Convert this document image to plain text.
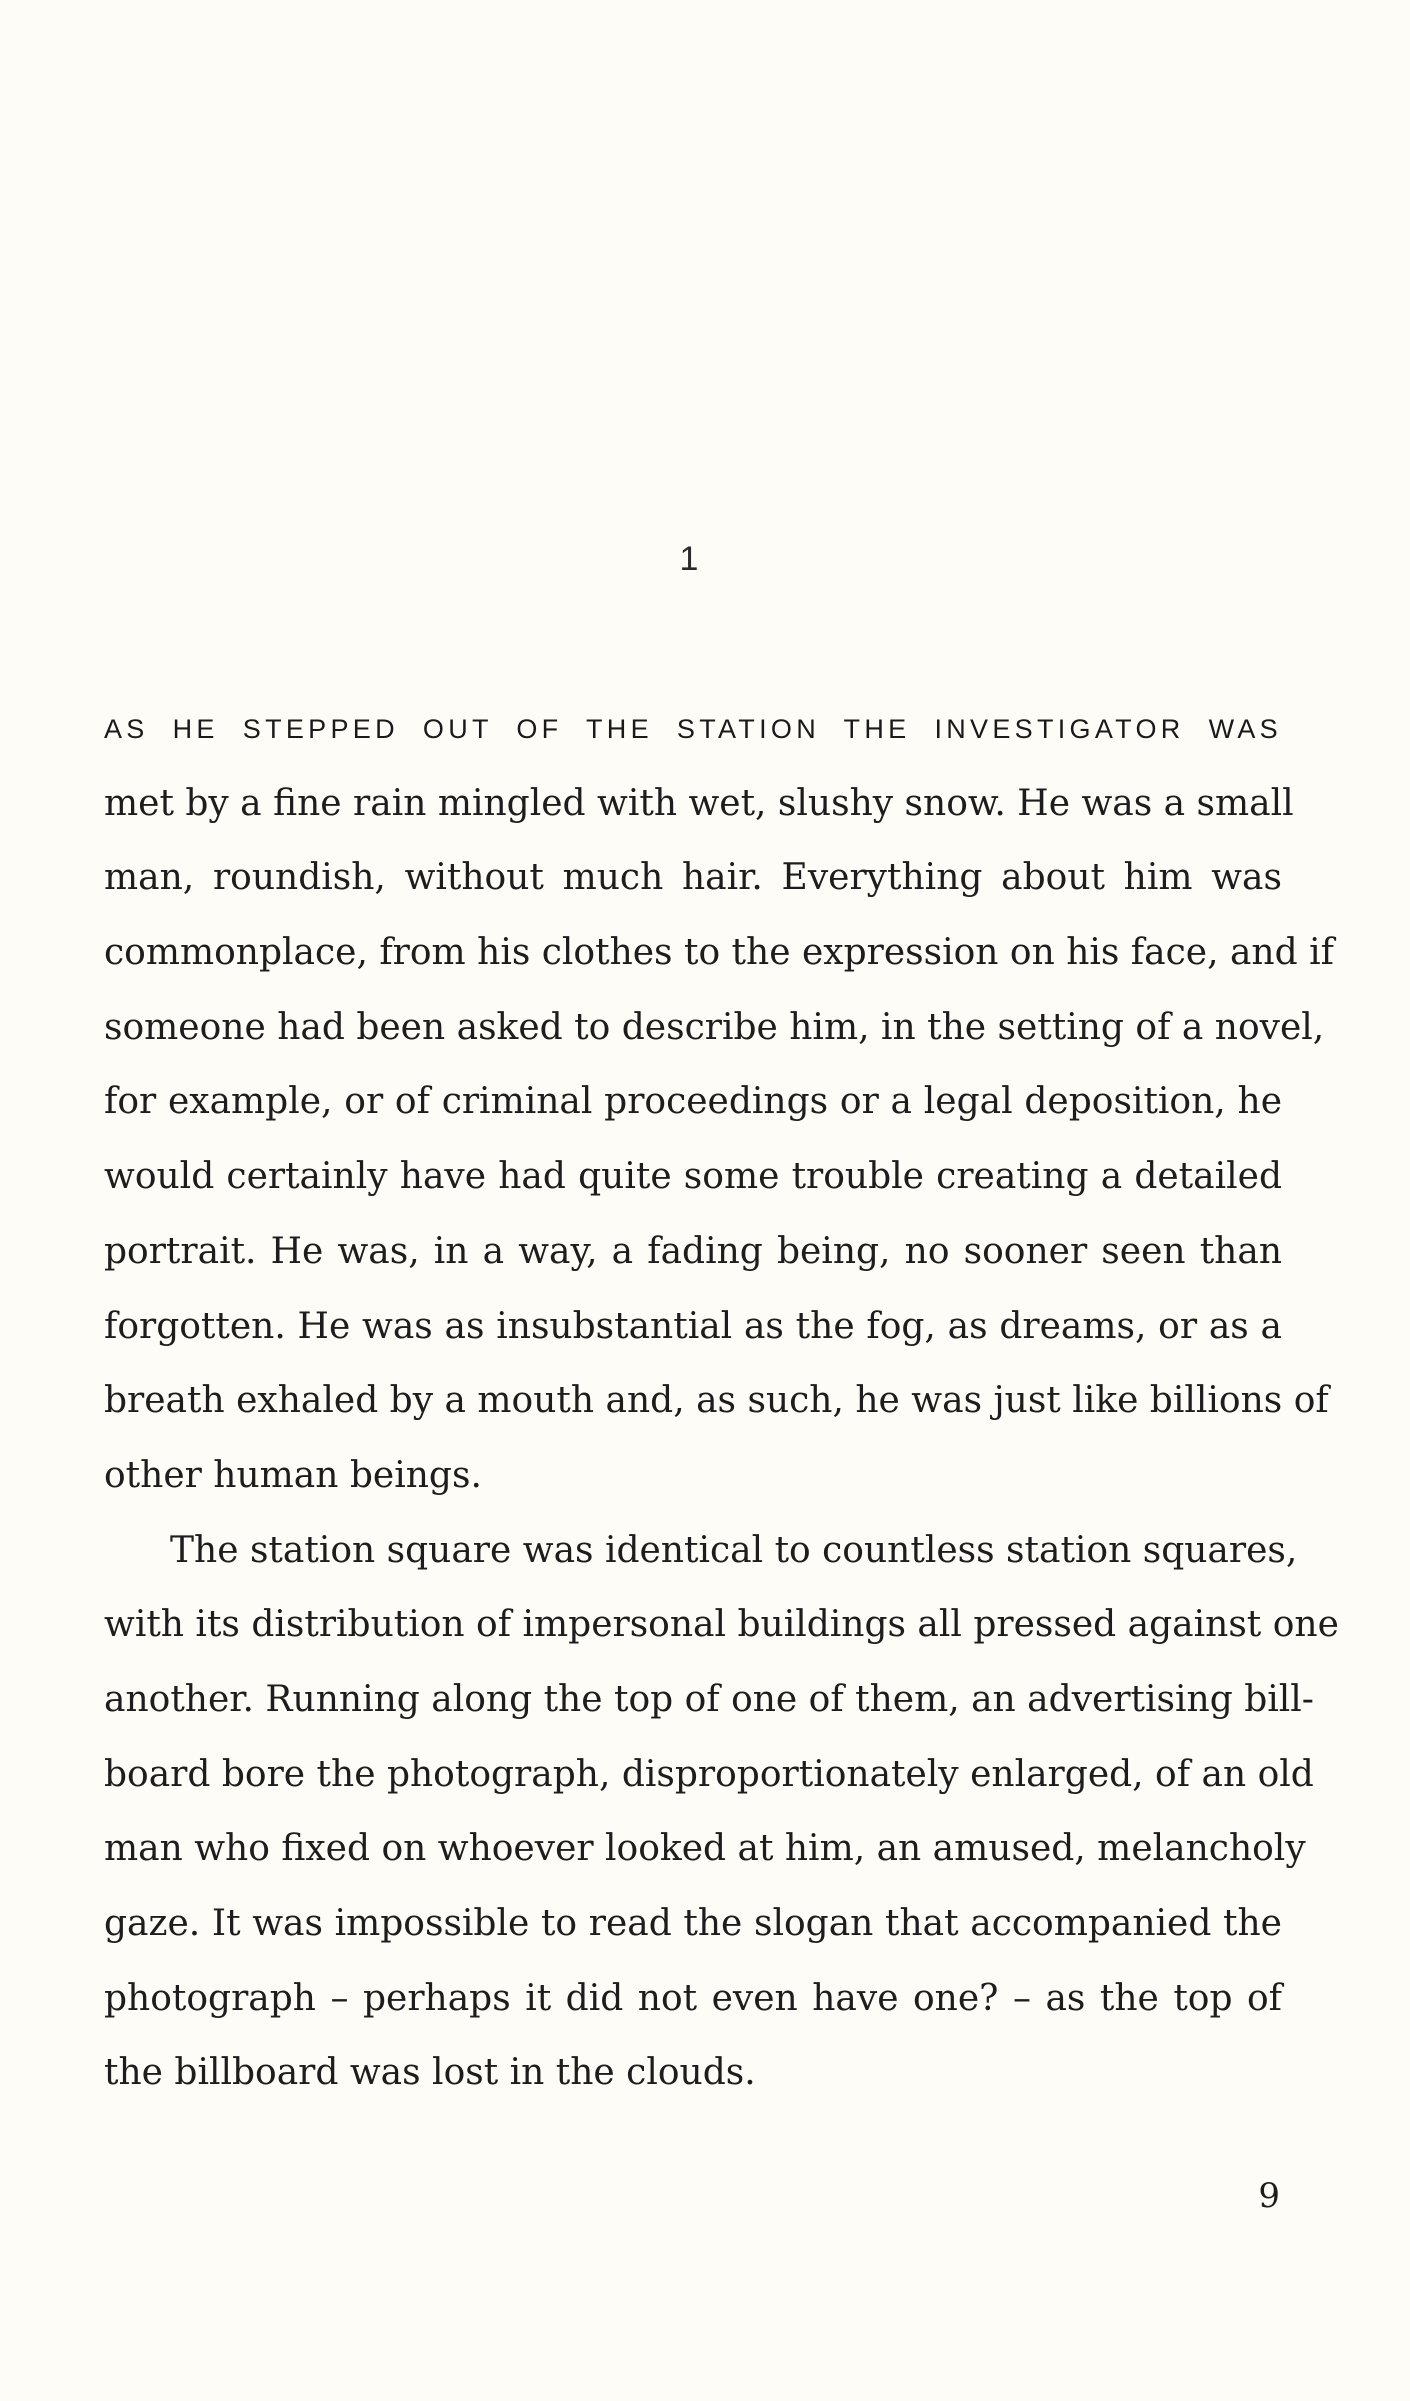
1
AS HE STEPPED OUT OF THE STATION THE INVESTIGATOR WAS
met by a fine rain mingled with wet, slushy snow. He was a small
man, roundish, without much hair. Everything about him was
commonplace, from his clothes to the expression on his face, and if
someone had been asked to describe him, in the setting of a novel,
for example, or of criminal proceedings or a legal deposition, he
would certainly have had quite some trouble creating a detailed
portrait. He was, in a way, a fading being, no sooner seen than
forgotten. He was as insubstantial as the fog, as dreams, or as a
breath exhaled by a mouth and, as such, he was just like billions of
other human beings.
The station square was identical to countless station squares,
with its distribution of impersonal buildings all pressed against one
another. Running along the top of one of them, an advertising bill-
board bore the photograph, disproportionately enlarged, of an old
man who fixed on whoever looked at him, an amused, melancholy
gaze. It was impossible to read the slogan that accompanied the
photograph – perhaps it did not even have one? – as the top of
the billboard was lost in the clouds.
9
